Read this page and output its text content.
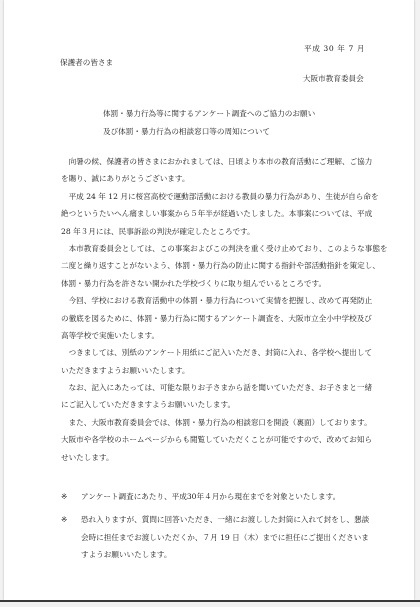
平成 30 年 7 月
保護者の皆さま
大阪市教育委員会
体罰・暴力行為等に関するアンケート調査へのご協力のお願い
及び体罰・暴力行為の相談窓口等の周知について
　向暑の候、保護者の皆さまにおかれましては、日頃より本市の教育活動にご理解、ご協力
を賜り、誠にありがとうございます。
　平成 24 年 12 月に桜宮高校で運動部活動における教員の暴力行為があり、生徒が自ら命を
絶つというたいへん痛ましい事案から５年半が経過いたしました。本事案については、平成
28 年３月には、民事訴訟の判決が確定したところです。
　本市教育委員会としては、この事案およびこの判決を重く受け止めており、このような事態を
二度と繰り返すことがないよう、体罰・暴力行為の防止に関する指針や部活動指針を策定し、
体罰・暴力行為を許さない開かれた学校づくりに取り組んでいるところです。
　今回、学校における教育活動中の体罰・暴力行為について実情を把握し、改めて再発防止
の徹底を図るために、体罰・暴力行為に関するアンケート調査を、大阪市立全小中学校及び
高等学校で実施いたします。
　つきましては、別紙のアンケート用紙にご記入いただき、封筒に入れ、各学校へ提出して
いただきますようお願いいたします。
　なお、記入にあたっては、可能な限りお子さまから話を聞いていただき、お子さまと一緒
にご記入していただきますようお願いいたします。
　また、大阪市教育委員会では、体罰・暴力行為の相談窓口を開設（裏面）しております。
大阪市や各学校のホームページからも閲覧していただくことが可能ですので、改めてお知ら
せいたします。
※ アンケート調査にあたり、平成30年４月から現在までを対象といたします。
※ 恐れ入りますが、質問に回答いただき、一緒にお渡しした封筒に入れて封をし、懇談
会時に担任までお渡しいただくか、７月 19 日（木）までに担任にご提出くださいま
すようお願いいたします。
